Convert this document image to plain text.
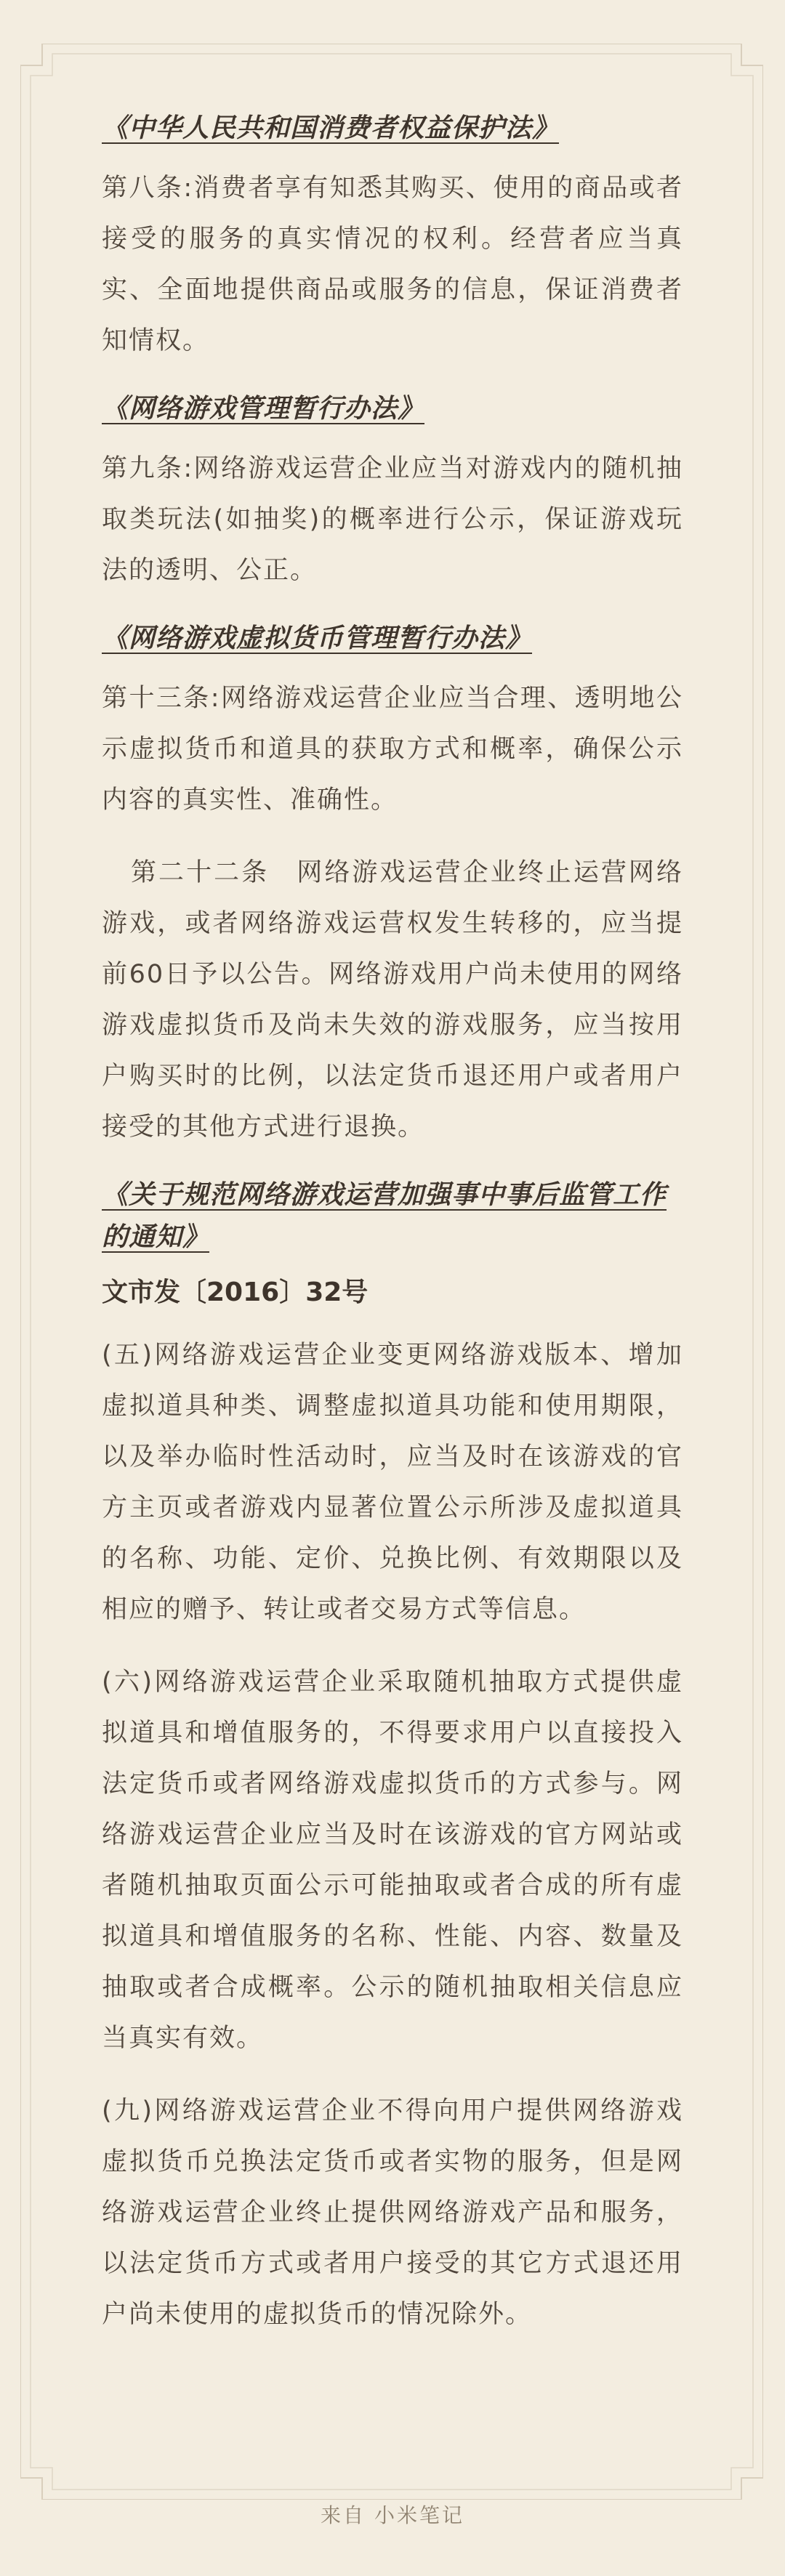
《中华人民共和国消费者权益保护法》
第八条:消费者享有知悉其购买、使用的商品或者接受的服务的真实情况的权利。经营者应当真实、全面地提供商品或服务的信息，保证消费者知情权。
《网络游戏管理暂行办法》
第九条:网络游戏运营企业应当对游戏内的随机抽取类玩法(如抽奖)的概率进行公示，保证游戏玩法的透明、公正。
《网络游戏虚拟货币管理暂行办法》
第十三条:网络游戏运营企业应当合理、透明地公示虚拟货币和道具的获取方式和概率，确保公示内容的真实性、准确性。
第二十二条　网络游戏运营企业终止运营网络游戏，或者网络游戏运营权发生转移的，应当提前60日予以公告。网络游戏用户尚未使用的网络游戏虚拟货币及尚未失效的游戏服务，应当按用户购买时的比例，以法定货币退还用户或者用户接受的其他方式进行退换。
《关于规范网络游戏运营加强事中事后监管工作的通知》
文市发〔2016〕32号
(五)网络游戏运营企业变更网络游戏版本、增加虚拟道具种类、调整虚拟道具功能和使用期限，以及举办临时性活动时，应当及时在该游戏的官方主页或者游戏内显著位置公示所涉及虚拟道具的名称、功能、定价、兑换比例、有效期限以及相应的赠予、转让或者交易方式等信息。
(六)网络游戏运营企业采取随机抽取方式提供虚拟道具和增值服务的，不得要求用户以直接投入法定货币或者网络游戏虚拟货币的方式参与。网络游戏运营企业应当及时在该游戏的官方网站或者随机抽取页面公示可能抽取或者合成的所有虚拟道具和增值服务的名称、性能、内容、数量及抽取或者合成概率。公示的随机抽取相关信息应当真实有效。
(九)网络游戏运营企业不得向用户提供网络游戏虚拟货币兑换法定货币或者实物的服务，但是网络游戏运营企业终止提供网络游戏产品和服务，以法定货币方式或者用户接受的其它方式退还用户尚未使用的虚拟货币的情况除外。
来自 小米笔记
